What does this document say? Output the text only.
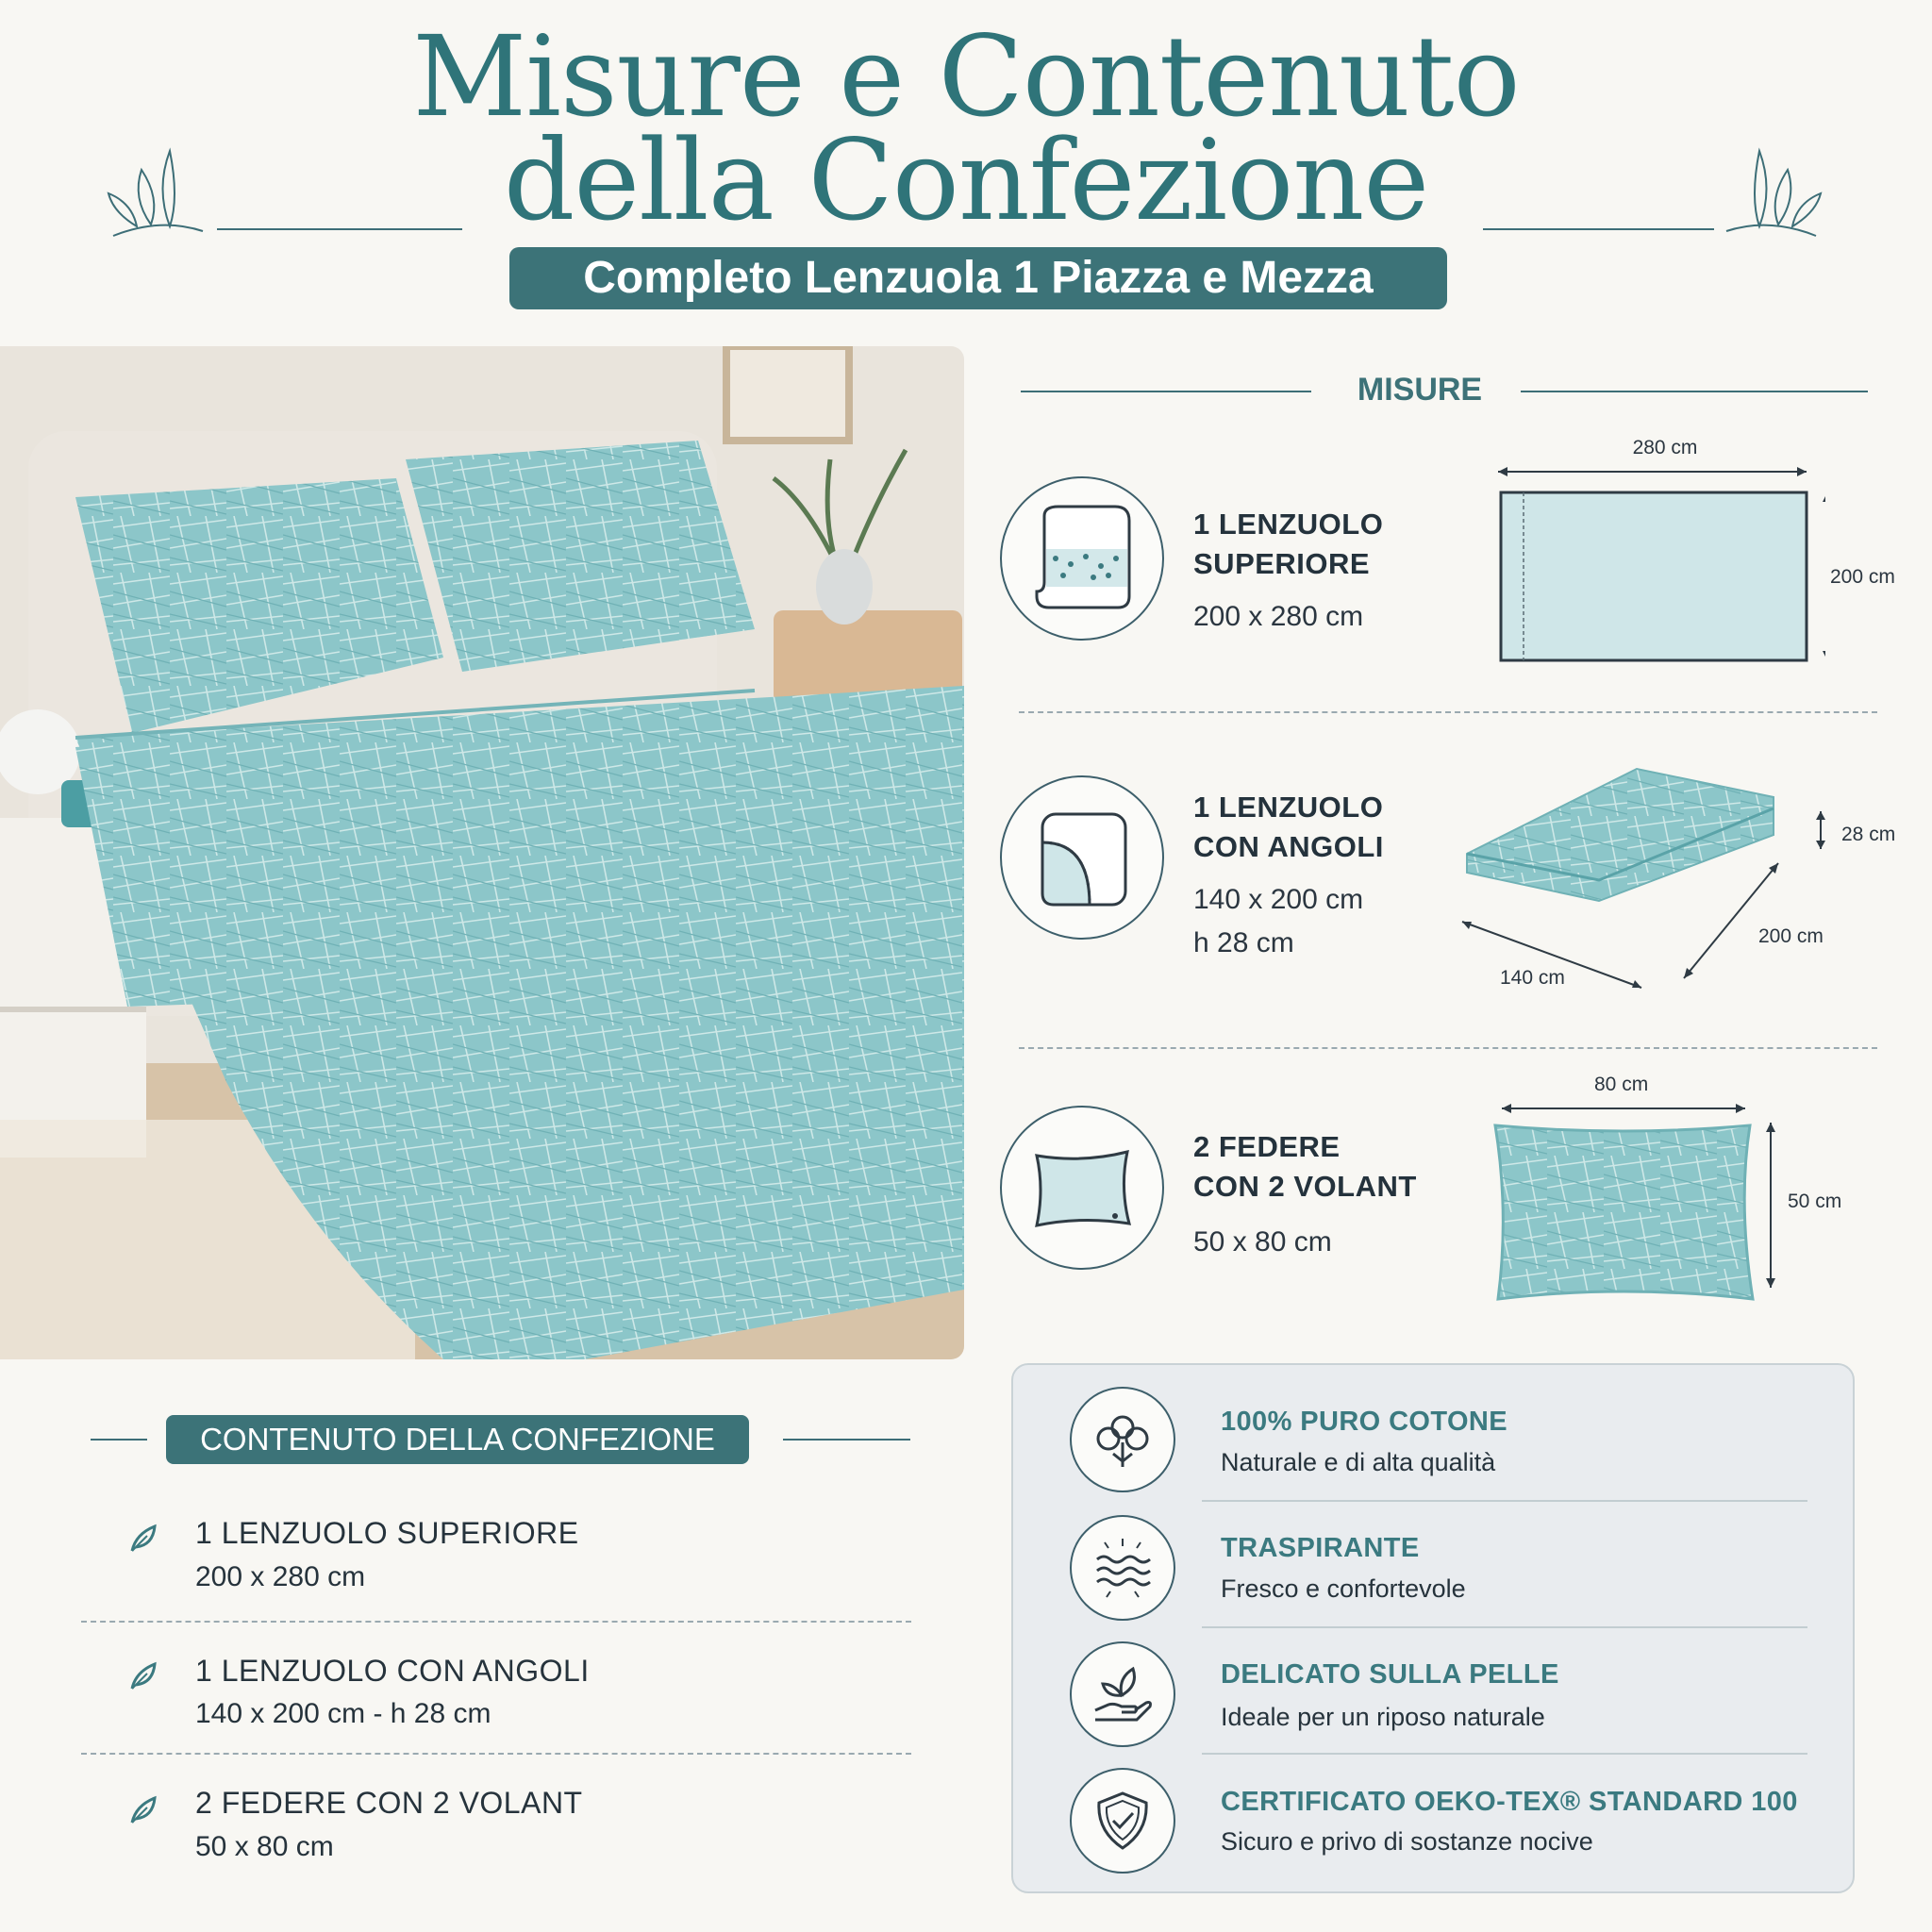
Misure e Contenuto
della Confezione
Completo Lenzuola 1 Piazza e Mezza
MISURE
1 LENZUOLO
SUPERIORE
200 x 280 cm
280 cm
200 cm
1 LENZUOLO
CON ANGOLI
140 x 200 cm
h 28 cm
28 cm
200 cm
140 cm
2 FEDERE
CON 2 VOLANT
50 x 80 cm
80 cm
50 cm
CONTENUTO DELLA CONFEZIONE
1 LENZUOLO SUPERIORE
200 x 280 cm
1 LENZUOLO CON ANGOLI
140 x 200 cm - h 28 cm
2 FEDERE CON 2 VOLANT
50 x 80 cm
100% PURO COTONE
Naturale e di alta qualità
TRASPIRANTE
Fresco e confortevole
DELICATO SULLA PELLE
Ideale per un riposo naturale
CERTIFICATO OEKO-TEX® STANDARD 100
Sicuro e privo di sostanze nocive
